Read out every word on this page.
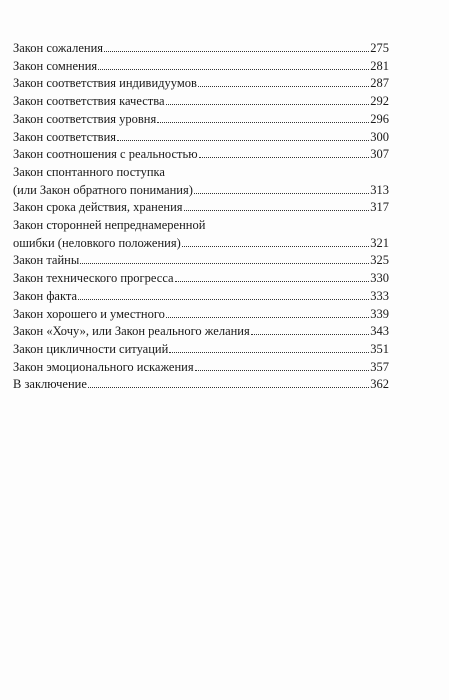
Закон сожаления	275
Закон сомнения	281
Закон соответствия индивидуумов	287
Закон соответствия качества	292
Закон соответствия уровня	296
Закон соответствия	300
Закон соотношения с реальностью	307
Закон спонтанного поступка
(или Закон обратного понимания)	313
Закон срока действия, хранения	317
Закон сторонней непреднамеренной
ошибки (неловкого положения)	321
Закон тайны	325
Закон технического прогресса	330
Закон факта	333
Закон хорошего и уместного	339
Закон «Хочу», или Закон реального желания	343
Закон цикличности ситуаций	351
Закон эмоционального искажения	357
В заключение	362
